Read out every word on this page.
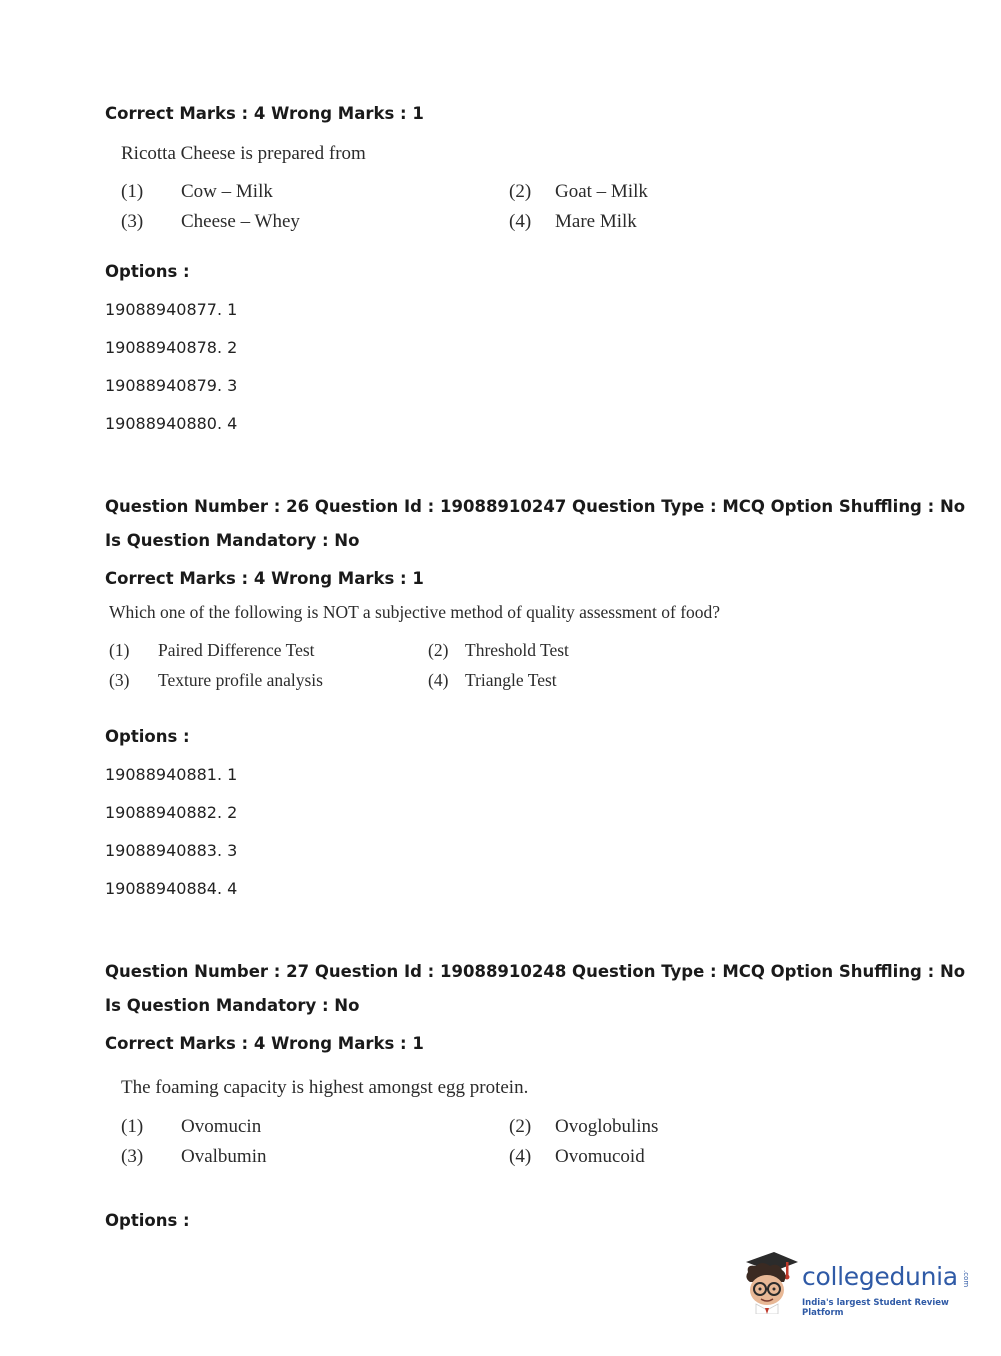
Correct Marks : 4 Wrong Marks : 1
Ricotta Cheese is prepared from
(1) Cow – Milk	(2) Goat – Milk
(3) Cheese – Whey	(4) Mare Milk
Options :
19088940877. 1
19088940878. 2
19088940879. 3
19088940880. 4
Question Number : 26 Question Id : 19088910247 Question Type : MCQ Option Shuffling : No
Is Question Mandatory : No
Correct Marks : 4 Wrong Marks : 1
Which one of the following is NOT a subjective method of quality assessment of food?
(1) Paired Difference Test	(2) Threshold Test
(3) Texture profile analysis	(4) Triangle Test
Options :
19088940881. 1
19088940882. 2
19088940883. 3
19088940884. 4
Question Number : 27 Question Id : 19088910248 Question Type : MCQ Option Shuffling : No
Is Question Mandatory : No
Correct Marks : 4 Wrong Marks : 1
The foaming capacity is highest amongst egg protein.
(1) Ovomucin	(2) Ovoglobulins
(3) Ovalbumin	(4) Ovomucoid
Options :
collegedunia .com
India's largest Student Review Platform
